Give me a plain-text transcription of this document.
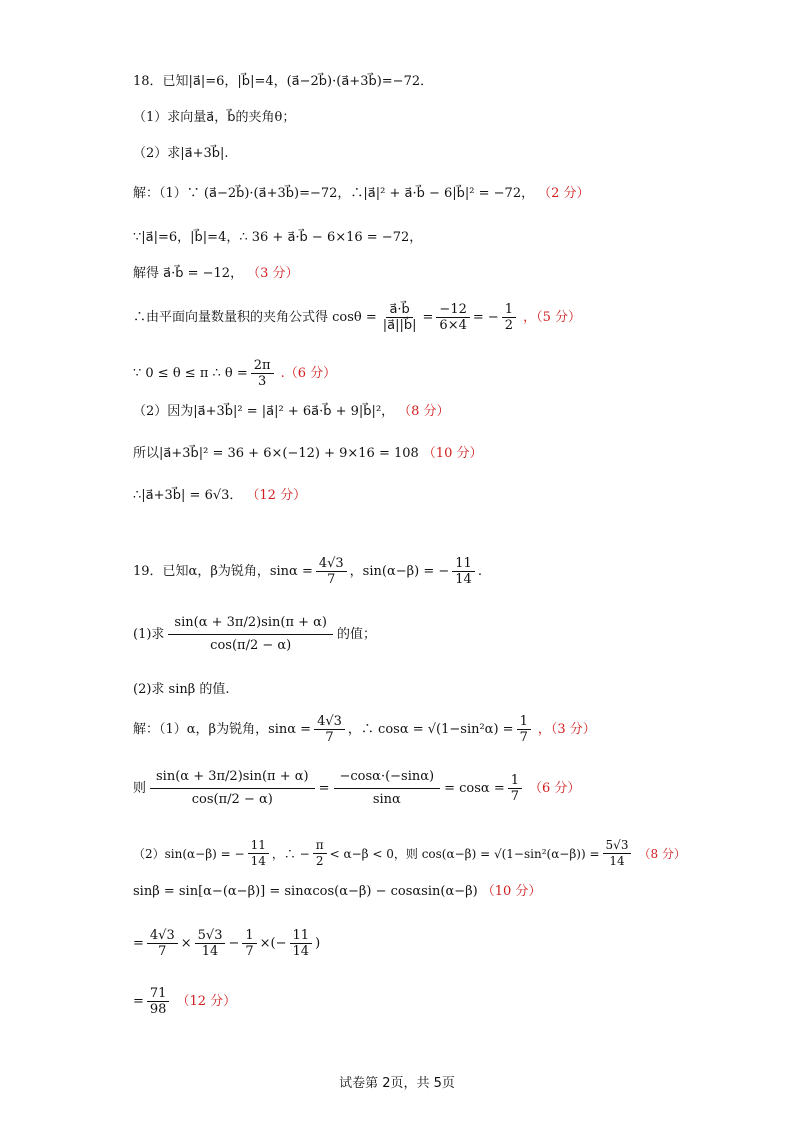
18．已知|a⃗|=6，|b⃗|=4，(a⃗−2b⃗)·(a⃗+3b⃗)=−72．
（1）求向量a⃗，b⃗的夹角θ；
（2）求|a⃗+3b⃗|.
解：（1）∵ (a⃗−2b⃗)·(a⃗+3b⃗)=−72，∴|a⃗|² + a⃗·b⃗ − 6|b⃗|² = −72， （2 分）
∵|a⃗|=6，|b⃗|=4，∴ 36 + a⃗·b⃗ − 6×16 = −72，
解得 a⃗·b⃗ = −12， （3 分）
∴由平面向量数量积的夹角公式得 $\cos\theta = \frac{a⃗\cdot b⃗}{|a⃗||b⃗|} = \frac{-12}{6\times 4}$ = − $\frac{1}{2}$ ，（5 分）
∵ 0 ≤ θ ≤ π ∴ $\theta = \frac{2\pi}{3} .(6$ 分）
（2）因为|a⃗+3b⃗|² = |a⃗|² + 6a⃗·b⃗ + 9|b⃗|²， （8 分）
所以|a⃗+3b⃗|² = 36 + 6×(−12) + 9×16 = 108 （10 分）
∴|a⃗+3b⃗| = 6√3． （12 分）
19．已知α，β为锐角，$\sin\alpha = \frac{4√3}{7}$ ，sin(α−β) = − $\frac{11}{14}$ .
(1)求 $\frac{\sin(\alpha + 3\pi/2)\sin(\pi + \alpha)}{\cos(\pi/2 - \alpha)}$ 的值；
(2)求 sinβ 的值.
解：（1）α，β为锐角，$\sin\alpha = \frac{4√3}{7}$ ，∴ $\cos\alpha = √(1-\sin^2\alpha) = \frac{1}{7}$ ，（3 分）
则 $\frac{\sin(\alpha + 3\pi/2)\sin(\pi + \alpha)}{\cos(\pi/2 - \alpha)} = \frac{-\cos\alpha\cdot(-\sin\alpha)}{\sin\alpha} = \cos\alpha = \frac{1}{7} (6$ 分）
（2）sin(α−β) = − $\frac{11}{14}$ ，∴ − $\frac{\pi}{2} < \alpha-\beta < 0$，则 $\cos(\alpha-\beta) = √(1-\sin^2(\alpha-\beta)) = \frac{5√3}{14} (8$ 分）
sinβ = sin[α−(α−β)] = sinαcos(α−β) − cosαsin(α−β) （10 分）
= $\frac{4√3}{7} \times \frac{5√3}{14} - \frac{1}{7}$ ×(− $\frac{11}{14}$ )
= $\frac{71}{98} (12$ 分）
试卷第 2页，共 5页
